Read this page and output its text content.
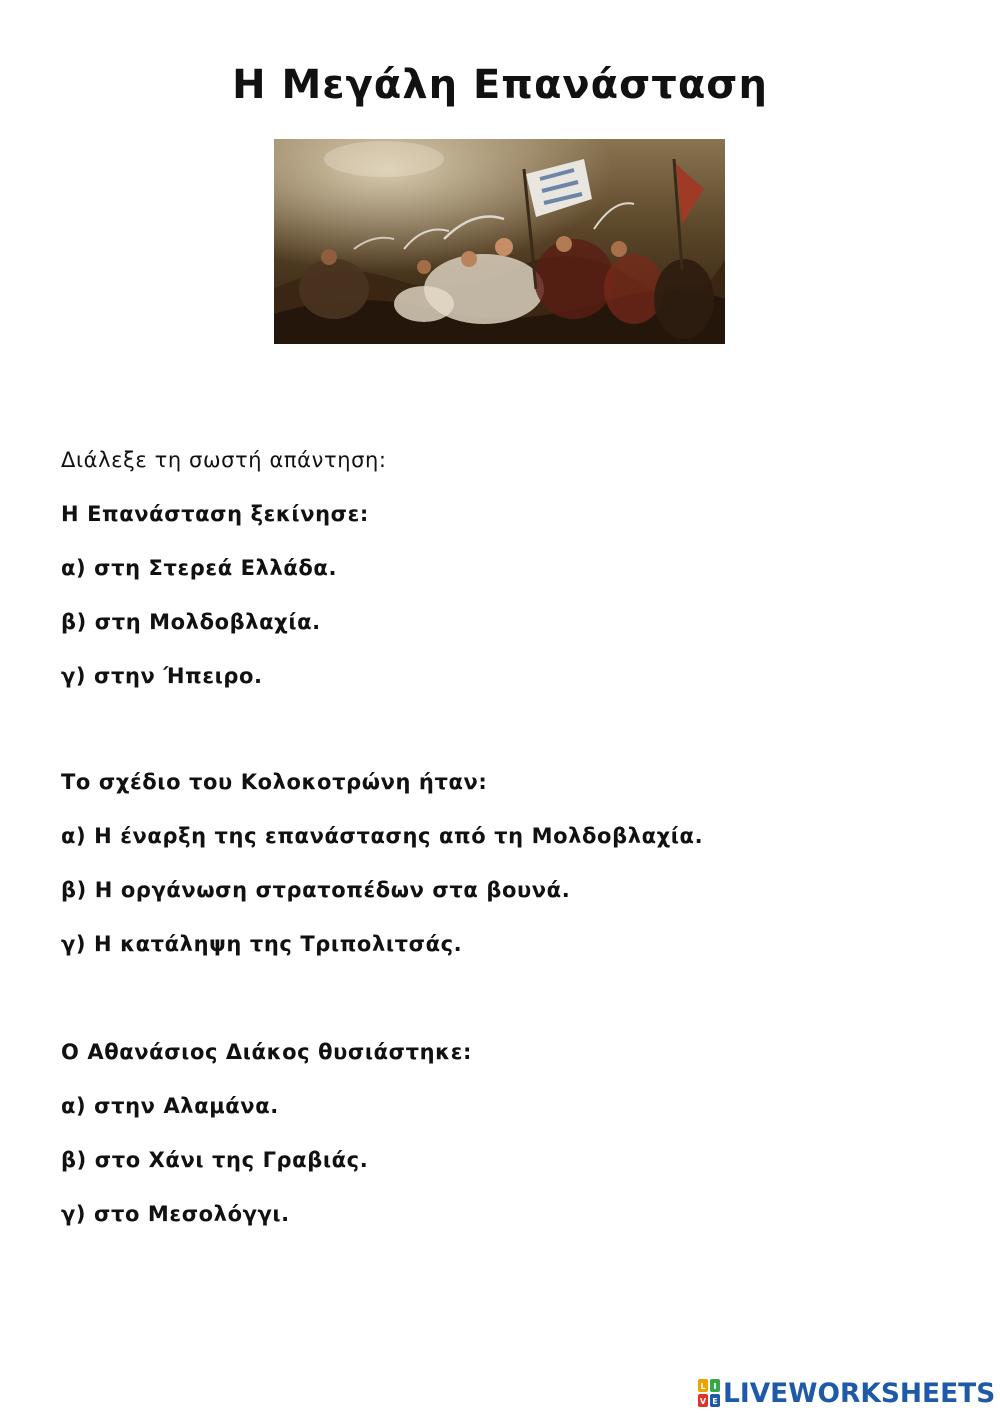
Η Μεγάλη Επανάσταση
Διάλεξε τη σωστή απάντηση:
Η Επανάσταση ξεκίνησε:
α) στη Στερεά Ελλάδα.
β) στη Μολδοβλαχία.
γ) στην Ήπειρο.
Το σχέδιο του Κολοκοτρώνη ήταν:
α) Η έναρξη της επανάστασης από τη Μολδοβλαχία.
β) Η οργάνωση στρατοπέδων στα βουνά.
γ) Η κατάληψη της Τριπολιτσάς.
Ο Αθανάσιος Διάκος θυσιάστηκε:
α) στην Αλαμάνα.
β) στο Χάνι της Γραβιάς.
γ) στο Μεσολόγγι.
L I
V E LIVEWORKSHEETS
